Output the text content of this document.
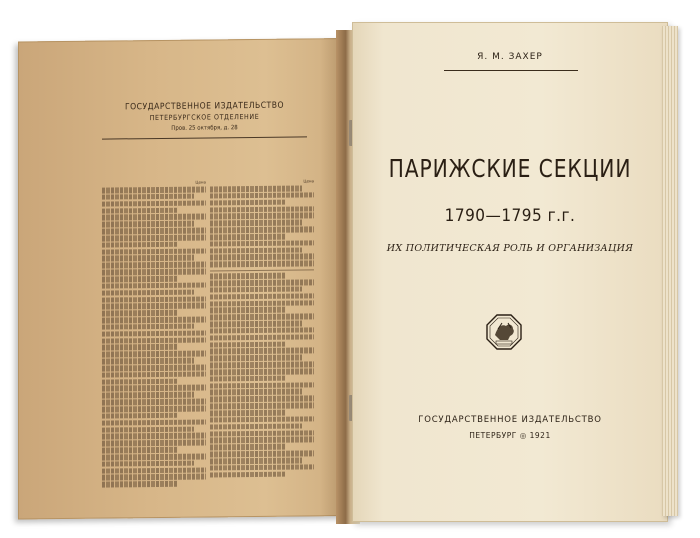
ГОСУДАРСТВЕННОЕ ИЗДАТЕЛЬСТВО
ПЕТЕРБУРГСКОЕ ОТДЕЛЕНИЕ
Пров. 25 октября, д. 28
Цена	Цена
Я. М. ЗАХЕР
ПАРИЖСКИЕ СЕКЦИИ
1790—1795 г.г.
ИХ ПОЛИТИЧЕСКАЯ РОЛЬ И ОРГАНИЗАЦИЯ
ГОСУДАРСТВЕННОЕ ИЗДАТЕЛЬСТВО
ПЕТЕРБУРГ ◎ 1921
